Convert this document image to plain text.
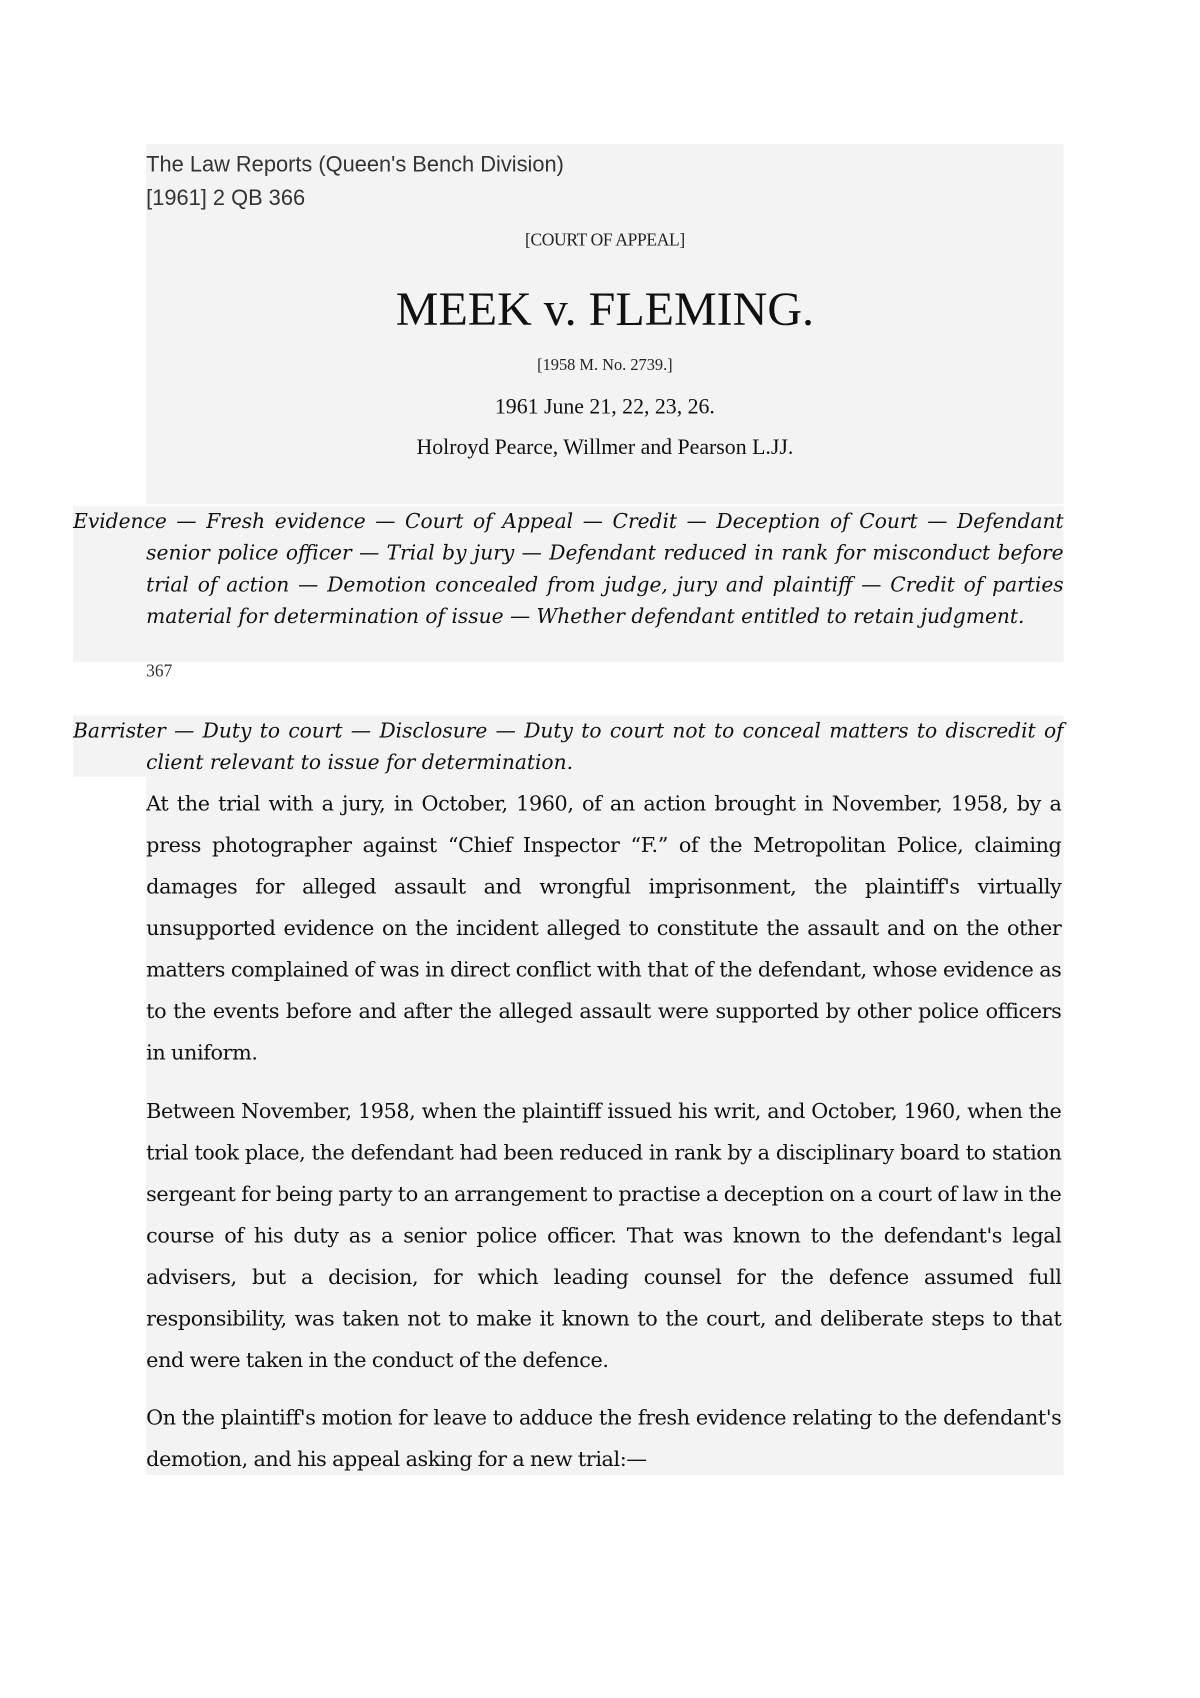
The Law Reports (Queen's Bench Division)
[1961] 2 QB 366
[COURT OF APPEAL]
MEEK v. FLEMING.
[1958 M. No. 2739.]
1961 June 21, 22, 23, 26.
Holroyd Pearce, Willmer and Pearson L.JJ.
Evidence — Fresh evidence — Court of Appeal — Credit — Deception of Court — Defendant senior police officer — Trial by jury — Defendant reduced in rank for misconduct before trial of action — Demotion concealed from judge, jury and plaintiff — Credit of parties material for determination of issue — Whether defendant entitled to retain judgment.
367
Barrister — Duty to court — Disclosure — Duty to court not to conceal matters to discredit of client relevant to issue for determination.
At the trial with a jury, in October, 1960, of an action brought in November, 1958, by a press photographer against “Chief Inspector “F.” of the Metropolitan Police, claiming damages for alleged assault and wrongful imprisonment, the plaintiff's virtually unsupported evidence on the incident alleged to constitute the assault and on the other matters complained of was in direct conflict with that of the defendant, whose evidence as to the events before and after the alleged assault were supported by other police officers in uniform.
Between November, 1958, when the plaintiff issued his writ, and October, 1960, when the trial took place, the defendant had been reduced in rank by a disciplinary board to station sergeant for being party to an arrangement to practise a deception on a court of law in the course of his duty as a senior police officer. That was known to the defendant's legal advisers, but a decision, for which leading counsel for the defence assumed full responsibility, was taken not to make it known to the court, and deliberate steps to that end were taken in the conduct of the defence.
On the plaintiff's motion for leave to adduce the fresh evidence relating to the defendant's demotion, and his appeal asking for a new trial:—
